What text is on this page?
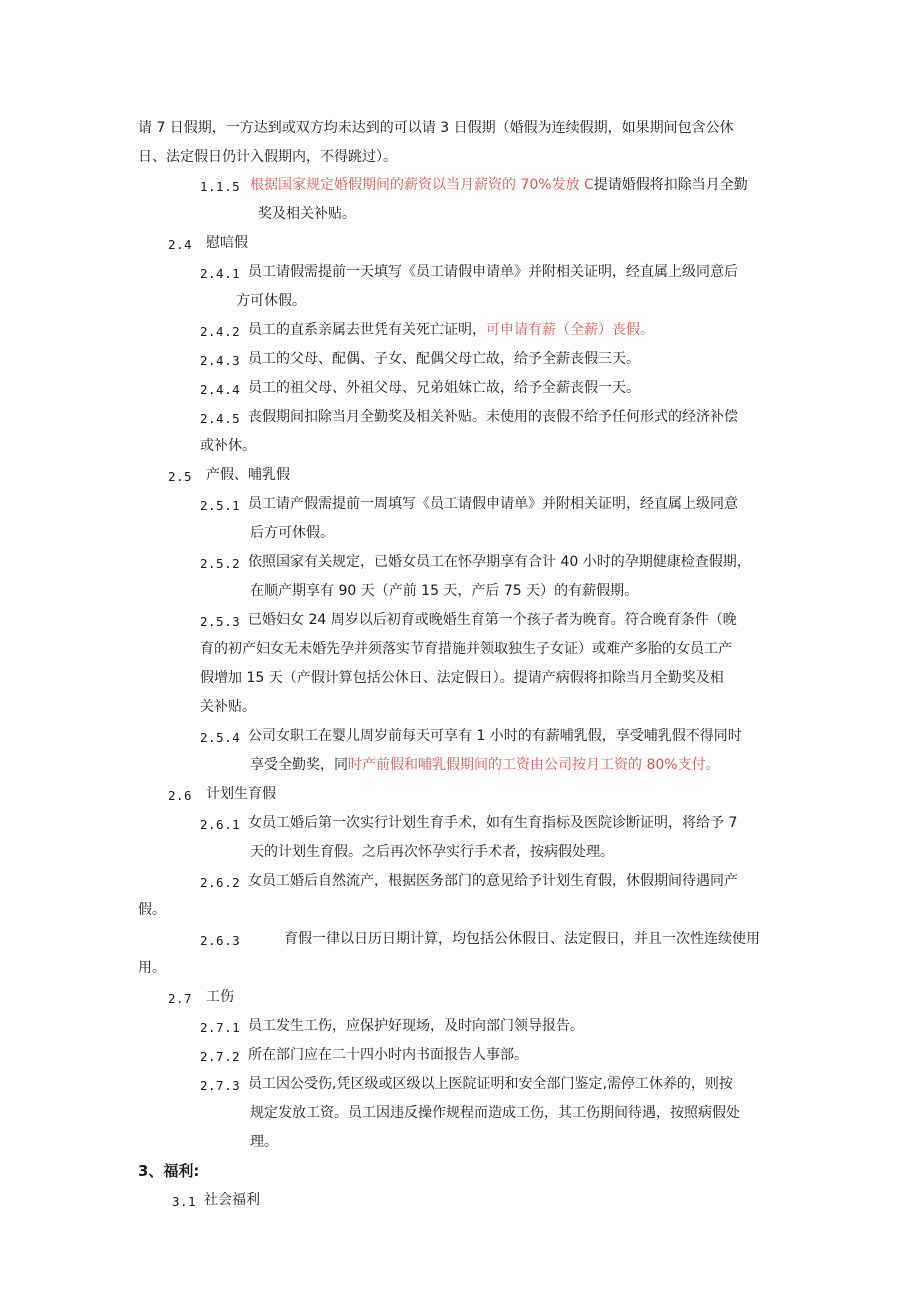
请 7 日假期，一方达到或双方均未达到的可以请 3 日假期（婚假为连续假期，如果期间包含公休
日、法定假日仍计入假期内，不得跳过）。
1.1.5 根据国家规定婚假期间的薪资以当月薪资的 70%发放 C提请婚假将扣除当月全勤
奖及相关补贴。
2.4 慰唁假
2.4.1 员工请假需提前一天填写《员工请假申请单》并附相关证明，经直属上级同意后
方可休假。
2.4.2 员工的直系亲属去世凭有关死亡证明，可申请有薪（全薪）丧假。
2.4.3 员工的父母、配偶、子女、配偶父母亡故，给予全薪丧假三天。
2.4.4 员工的祖父母、外祖父母、兄弟姐妹亡故，给予全薪丧假一天。
2.4.5 丧假期间扣除当月全勤奖及相关补贴。未使用的丧假不给予任何形式的经济补偿
或补休。
2.5 产假、哺乳假
2.5.1 员工请产假需提前一周填写《员工请假申请单》并附相关证明，经直属上级同意
后方可休假。
2.5.2 依照国家有关规定，已婚女员工在怀孕期享有合计 40 小时的孕期健康检查假期，
在顺产期享有 90 天（产前 15 天，产后 75 天）的有薪假期。
2.5.3 已婚妇女 24 周岁以后初育或晚婚生育第一个孩子者为晚育。符合晚育条件（晚
育的初产妇女无未婚先孕并须落实节育措施并领取独生子女证）或难产多胎的女员工产
假增加 15 天（产假计算包括公休日、法定假日）。提请产病假将扣除当月全勤奖及相
关补贴。
2.5.4 公司女职工在婴儿周岁前每天可享有 1 小时的有薪哺乳假，享受哺乳假不得同时
享受全勤奖，同时产前假和哺乳假期间的工资由公司按月工资的 80%支付。
2.6 计划生育假
2.6.1 女员工婚后第一次实行计划生育手术，如有生育指标及医院诊断证明，将给予 7
天的计划生育假。之后再次怀孕实行手术者，按病假处理。
2.6.2 女员工婚后自然流产，根据医务部门的意见给予计划生育假，休假期间待遇同产
假。
2.6.3	育假一律以日历日期计算，均包括公休假日、法定假日，并且一次性连续使用
用。
2.7 工伤
2.7.1 员工发生工伤，应保护好现场，及时向部门领导报告。
2.7.2 所在部门应在二十四小时内书面报告人事部。
2.7.3 员工因公受伤,凭区级或区级以上医院证明和安全部门鉴定,需停工休养的，则按
规定发放工资。员工因违反操作规程而造成工伤，其工伤期间待遇，按照病假处
理。
3、福利:
3.1 社会福利
